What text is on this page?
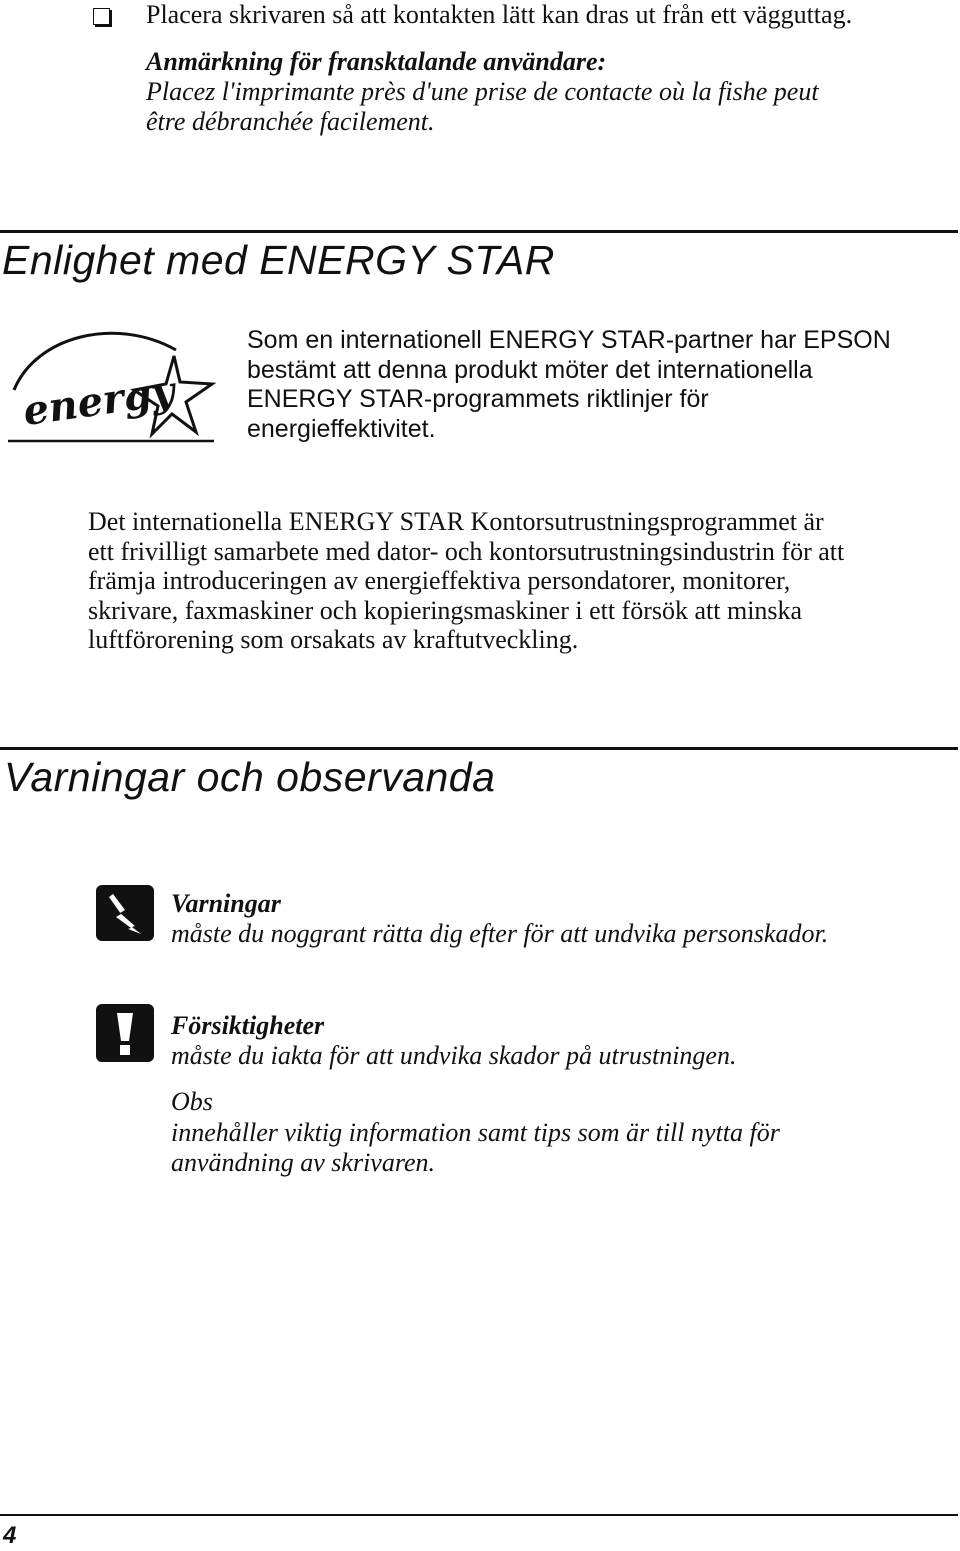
Placera skrivaren så att kontakten lätt kan dras ut från ett vägguttag.
Anmärkning för fransktalande användare:
Placez l'imprimante près d'une prise de contacte où la fishe peut
être débranchée facilement.
Enlighet med ENERGY STAR
energy
Som en internationell ENERGY STAR-partner har EPSON
bestämt att denna produkt möter det internationella
ENERGY STAR-programmets riktlinjer för
energieffektivitet.
Det internationella ENERGY STAR Kontorsutrustningsprogrammet är
ett frivilligt samarbete med dator- och kontorsutrustningsindustrin för att
främja introduceringen av energieffektiva persondatorer, monitorer,
skrivare, faxmaskiner och kopieringsmaskiner i ett försök att minska
luftförorening som orsakats av kraftutveckling.
Varningar och observanda
Varningar
måste du noggrant rätta dig efter för att undvika personskador.
Försiktigheter
måste du iakta för att undvika skador på utrustningen.
Obs
innehåller viktig information samt tips som är till nytta för
användning av skrivaren.
4
